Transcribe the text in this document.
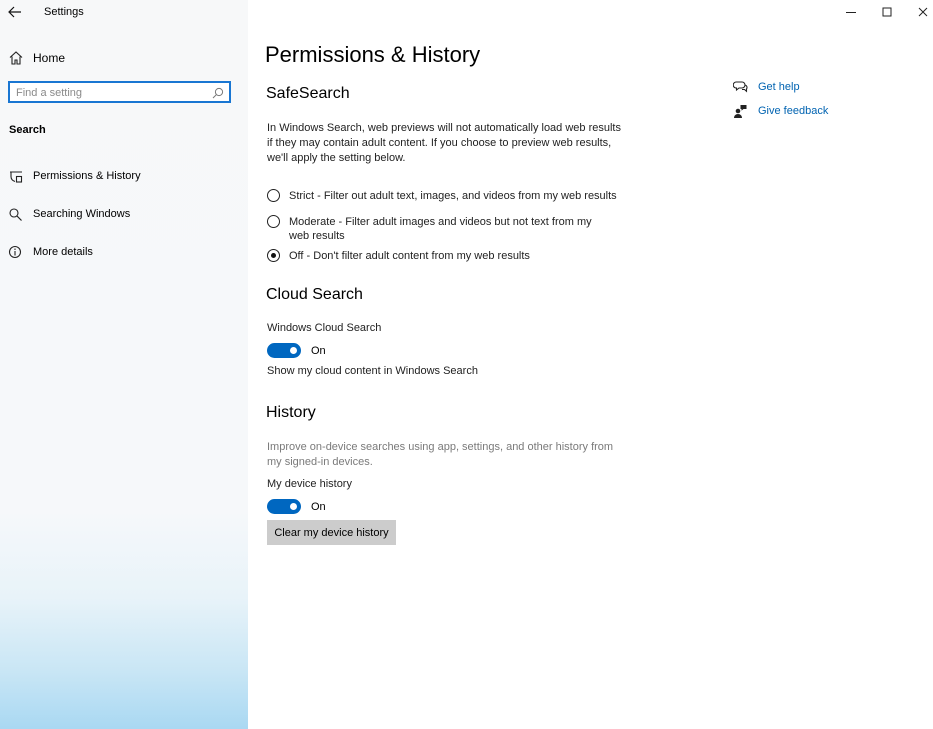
Settings
Home
Find a setting
Search
Permissions & History
Searching Windows
More details
Permissions & History
SafeSearch
In Windows Search, web previews will not automatically load web results if they may contain adult content. If you choose to preview web results, we'll apply the setting below.
Strict - Filter out adult text, images, and videos from my web results
Moderate - Filter adult images and videos but not text from my web results
Off - Don't filter adult content from my web results
Cloud Search
Windows Cloud Search
On
Show my cloud content in Windows Search
History
Improve on-device searches using app, settings, and other history from my signed-in devices.
My device history
On
Clear my device history
Get help
Give feedback
